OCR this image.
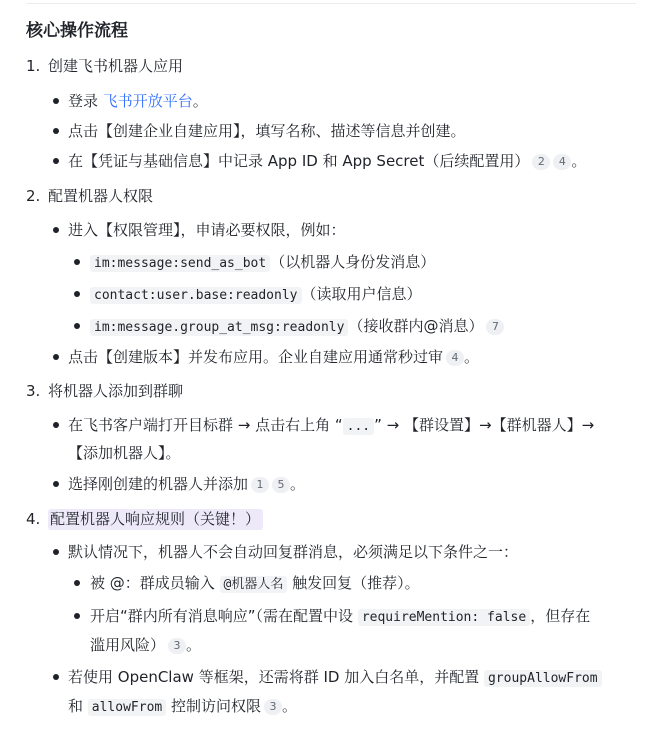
核心操作流程
1. 创建飞书机器人应用
登录 飞书开放平台。
点击【创建企业自建应用】，填写名称、描述等信息并创建。
在【凭证与基础信息】中记录 App ID 和 App Secret（后续配置用） 2 4 。
2. 配置机器人权限
进入【权限管理】，申请必要权限，例如：
im:message:send_as_bot （以机器人身份发消息）
contact:user.base:readonly （读取用户信息）
im:message.group_at_msg:readonly （接收群内@消息） 7
点击【创建版本】并发布应用。企业自建应用通常秒过审 4 。
3. 将机器人添加到群聊
在飞书客户端打开目标群 → 点击右上角 “ ... ” → 【群设置】→【群机器人】→
【添加机器人】。
选择刚创建的机器人并添加 1 5 。
4. 配置机器人响应规则（关键！）
默认情况下，机器人不会自动回复群消息，必须满足以下条件之一：
被 @：群成员输入 @机器人名 触发回复（推荐）。
开启“群内所有消息响应”（需在配置中设 requireMention: false ，但存在
滥用风险） 3 。
若使用 OpenClaw 等框架，还需将群 ID 加入白名单，并配置 groupAllowFrom
和 allowFrom 控制访问权限 3 。
